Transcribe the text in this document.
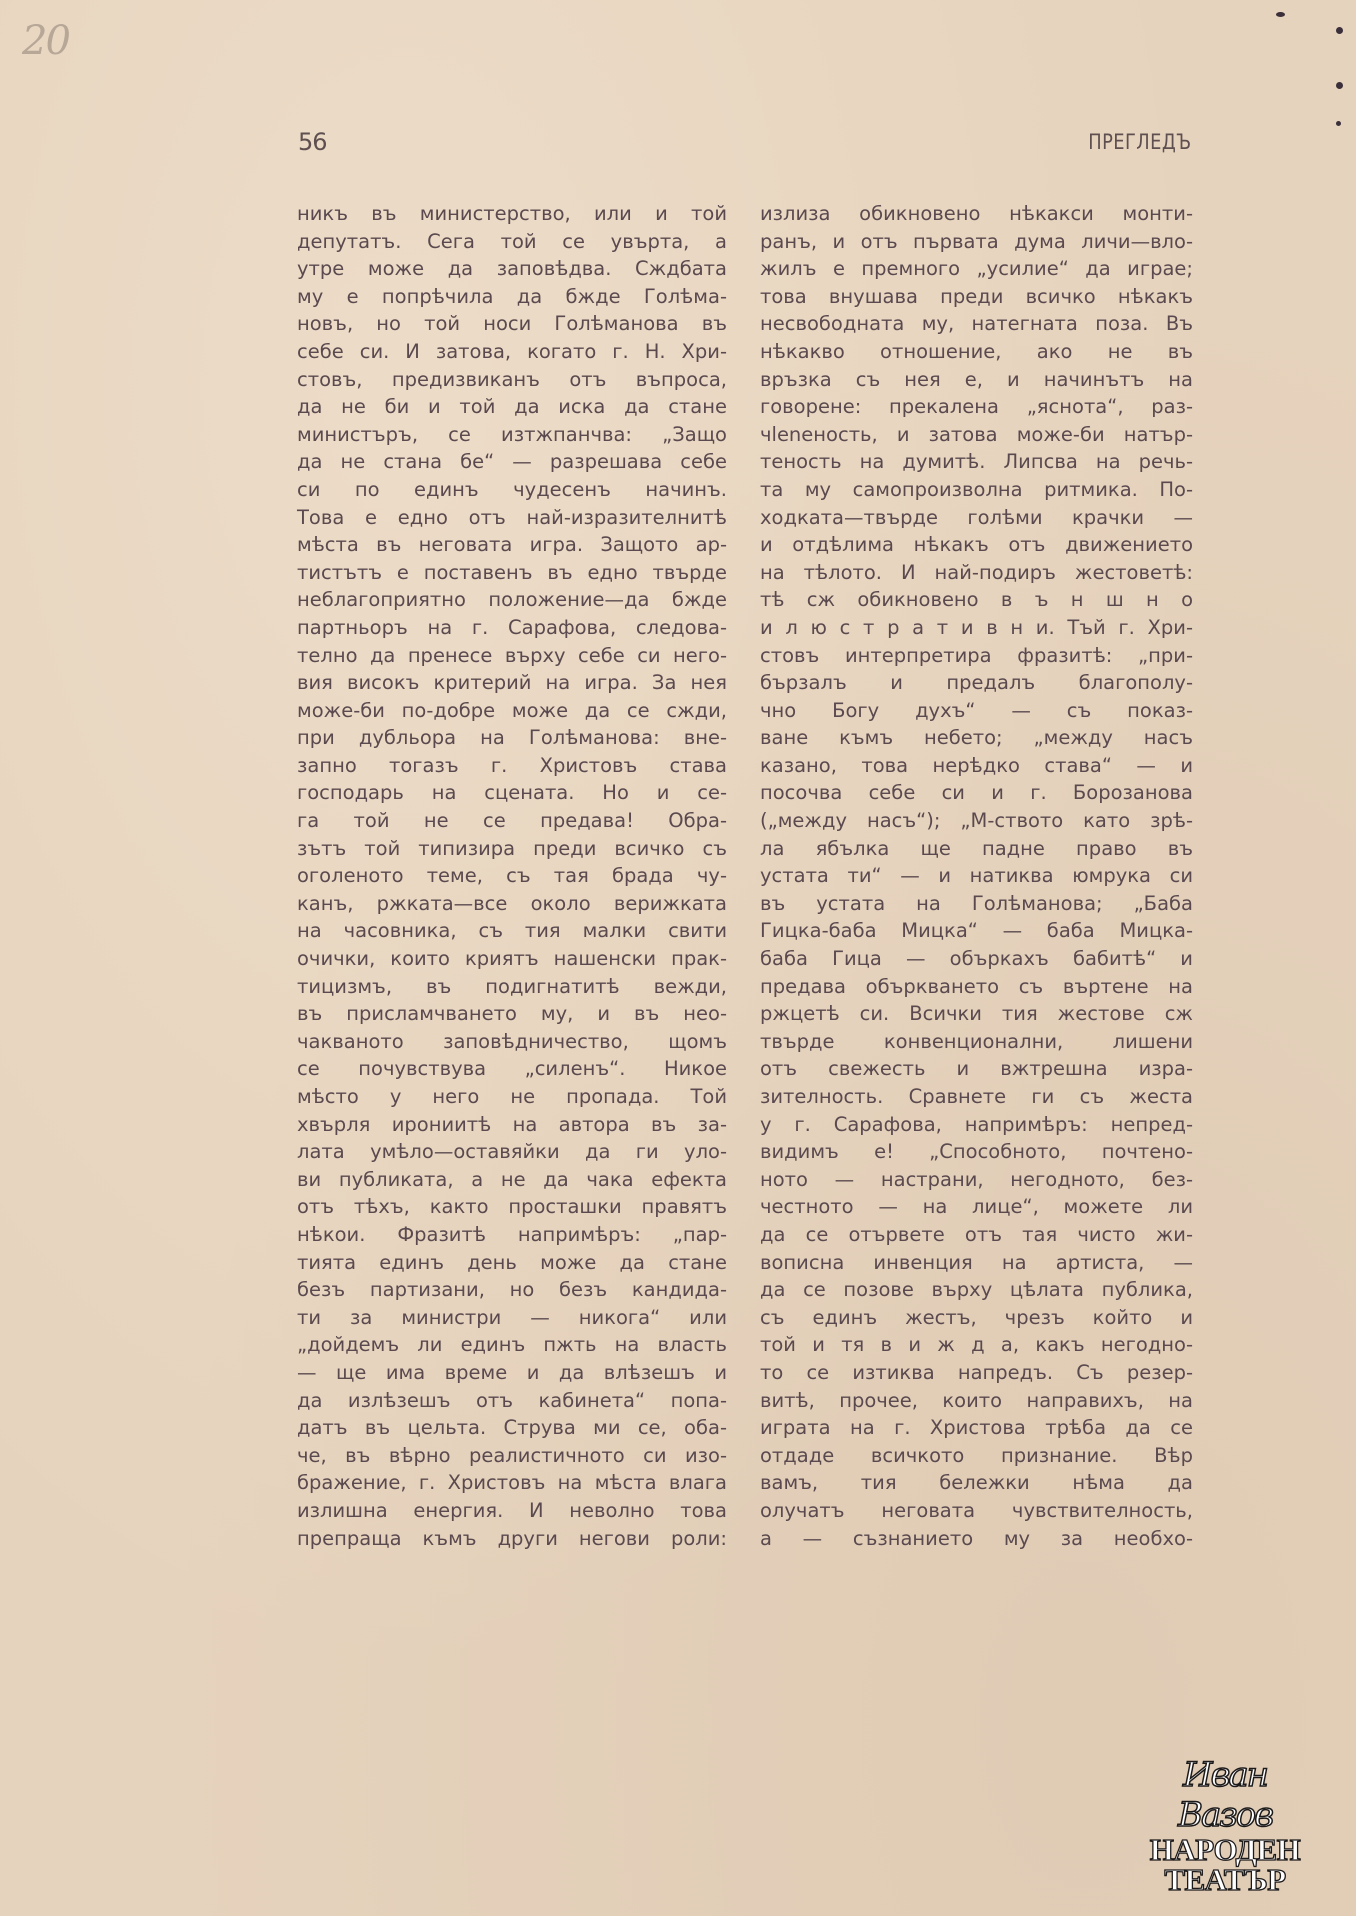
20
56	ПРЕГЛЕДЪ
никъ въ министерство, или и той
депутатъ. Сега той се увърта, а
утре може да заповѣдва. Сждбата
му е попрѣчила да бжде Голѣма-
новъ, но той носи Голѣманова въ
себе си. И затова, когато г. Н. Хри-
стовъ, предизвиканъ отъ въпроса,
да не би и той да иска да стане
министъръ, се изтжпанчва: „Защо
да не стана бе“ — разрешава себе
си по единъ чудесенъ начинъ.
Това е едно отъ най-изразителнитѣ
мѣста въ неговата игра. Защото ар-
тистътъ е поставенъ въ едно твърде
неблагоприятно положение—да бжде
партньоръ на г. Сарафова, следова-
телно да пренесе върху себе си него-
вия високъ критерий на игра. За нея
може-би по-добре може да се сжди,
при дубльора на Голѣманова: вне-
запно тогазъ г. Христовъ става
господарь на сцената. Но и се-
га той не се предава! Обра-
зътъ той типизира преди всичко съ
оголеното теме, съ тая брада чу-
канъ, ржката—все около верижката
на часовника, съ тия малки свити
очички, които криятъ нашенски прак-
тицизмъ, въ подигнатитѣ вежди,
въ присламчването му, и въ нео-
чакваното заповѣдничество, щомъ
се почувствува „силенъ“. Никое
мѣсто у него не пропада. Той
хвърля ирониитѣ на автора въ за-
лата умѣло—оставяйки да ги уло-
ви публиката, а не да чака ефекта
отъ тѣхъ, както просташки правятъ
нѣкои. Фразитѣ напримѣръ: „пар-
тията единъ день може да стане
безъ партизани, но безъ кандида-
ти за министри — никога“ или
„дойдемъ ли единъ пжть на власть
— ще има време и да влѣзешъ и
да излѣзешъ отъ кабинета“ попа-
датъ въ цельта. Струва ми се, оба-
че, въ вѣрно реалистичното си изо-
бражение, г. Христовъ на мѣста влага
излишна енергия. И неволно това
препраща къмъ други негови роли:
излиза обикновено нѣкакси монти-
ранъ, и отъ първата дума личи—вло-
жилъ е премного „усилие“ да играе;
това внушава преди всичко нѣкакъ
несвободната му, натегната поза. Въ
нѣкакво отношение, ако не въ
връзка съ нея е, и начинътъ на
говорене: прекалена „яснота“, раз-
чleneность, и затова може-би натър-
теность на думитѣ. Липсва на речь-
та му самопроизволна ритмика. По-
ходката—твърде голѣми крачки —
и отдѣлима нѣкакъ отъ движението
на тѣлото. И най-подиръ жестоветѣ:
тѣ сж обикновено в ъ н ш н о
и л ю с т р а т и в н и. Тъй г. Хри-
стовъ интерпретира фразитѣ: „при-
бързалъ и предалъ благополу-
чно Богу духъ“ — съ показ-
ване къмъ небето; „между насъ
казано, това нерѣдко става“ — и
посочва себе си и г. Борозанова
(„между насъ“); „М-ството като зрѣ-
ла ябълка ще падне право въ
устата ти“ — и натиква юмрука си
въ устата на Голѣманова; „Баба
Гицка-баба Мицка“ — баба Мицка-
баба Гица — объркахъ бабитѣ“ и
предава объркването съ въртене на
ржцетѣ си. Всички тия жестове сж
твърде конвенционални, лишени
отъ свежесть и вжтрешна изра-
зителность. Сравнете ги съ жеста
у г. Сарафова, напримѣръ: непред-
видимъ е! „Способното, почтено-
ното — настрани, негодното, без-
честното — на лице“, можете ли
да се отървете отъ тая чисто жи-
вописна инвенция на артиста, —
да се позове върху цѣлата публика,
съ единъ жестъ, чрезъ който и
той и тя в и ж д а, какъ негодно-
то се изтиква напредъ. Съ резер-
витѣ, прочее, които направихъ, на
играта на г. Христова трѣба да се
отдаде всичкото признание. Вѣр
вамъ, тия бележки нѣма да
олучатъ неговата чувствителность,
а — съзнанието му за необхо-
Иван Вазов
НАРОДЕН
ТЕАТЪР
